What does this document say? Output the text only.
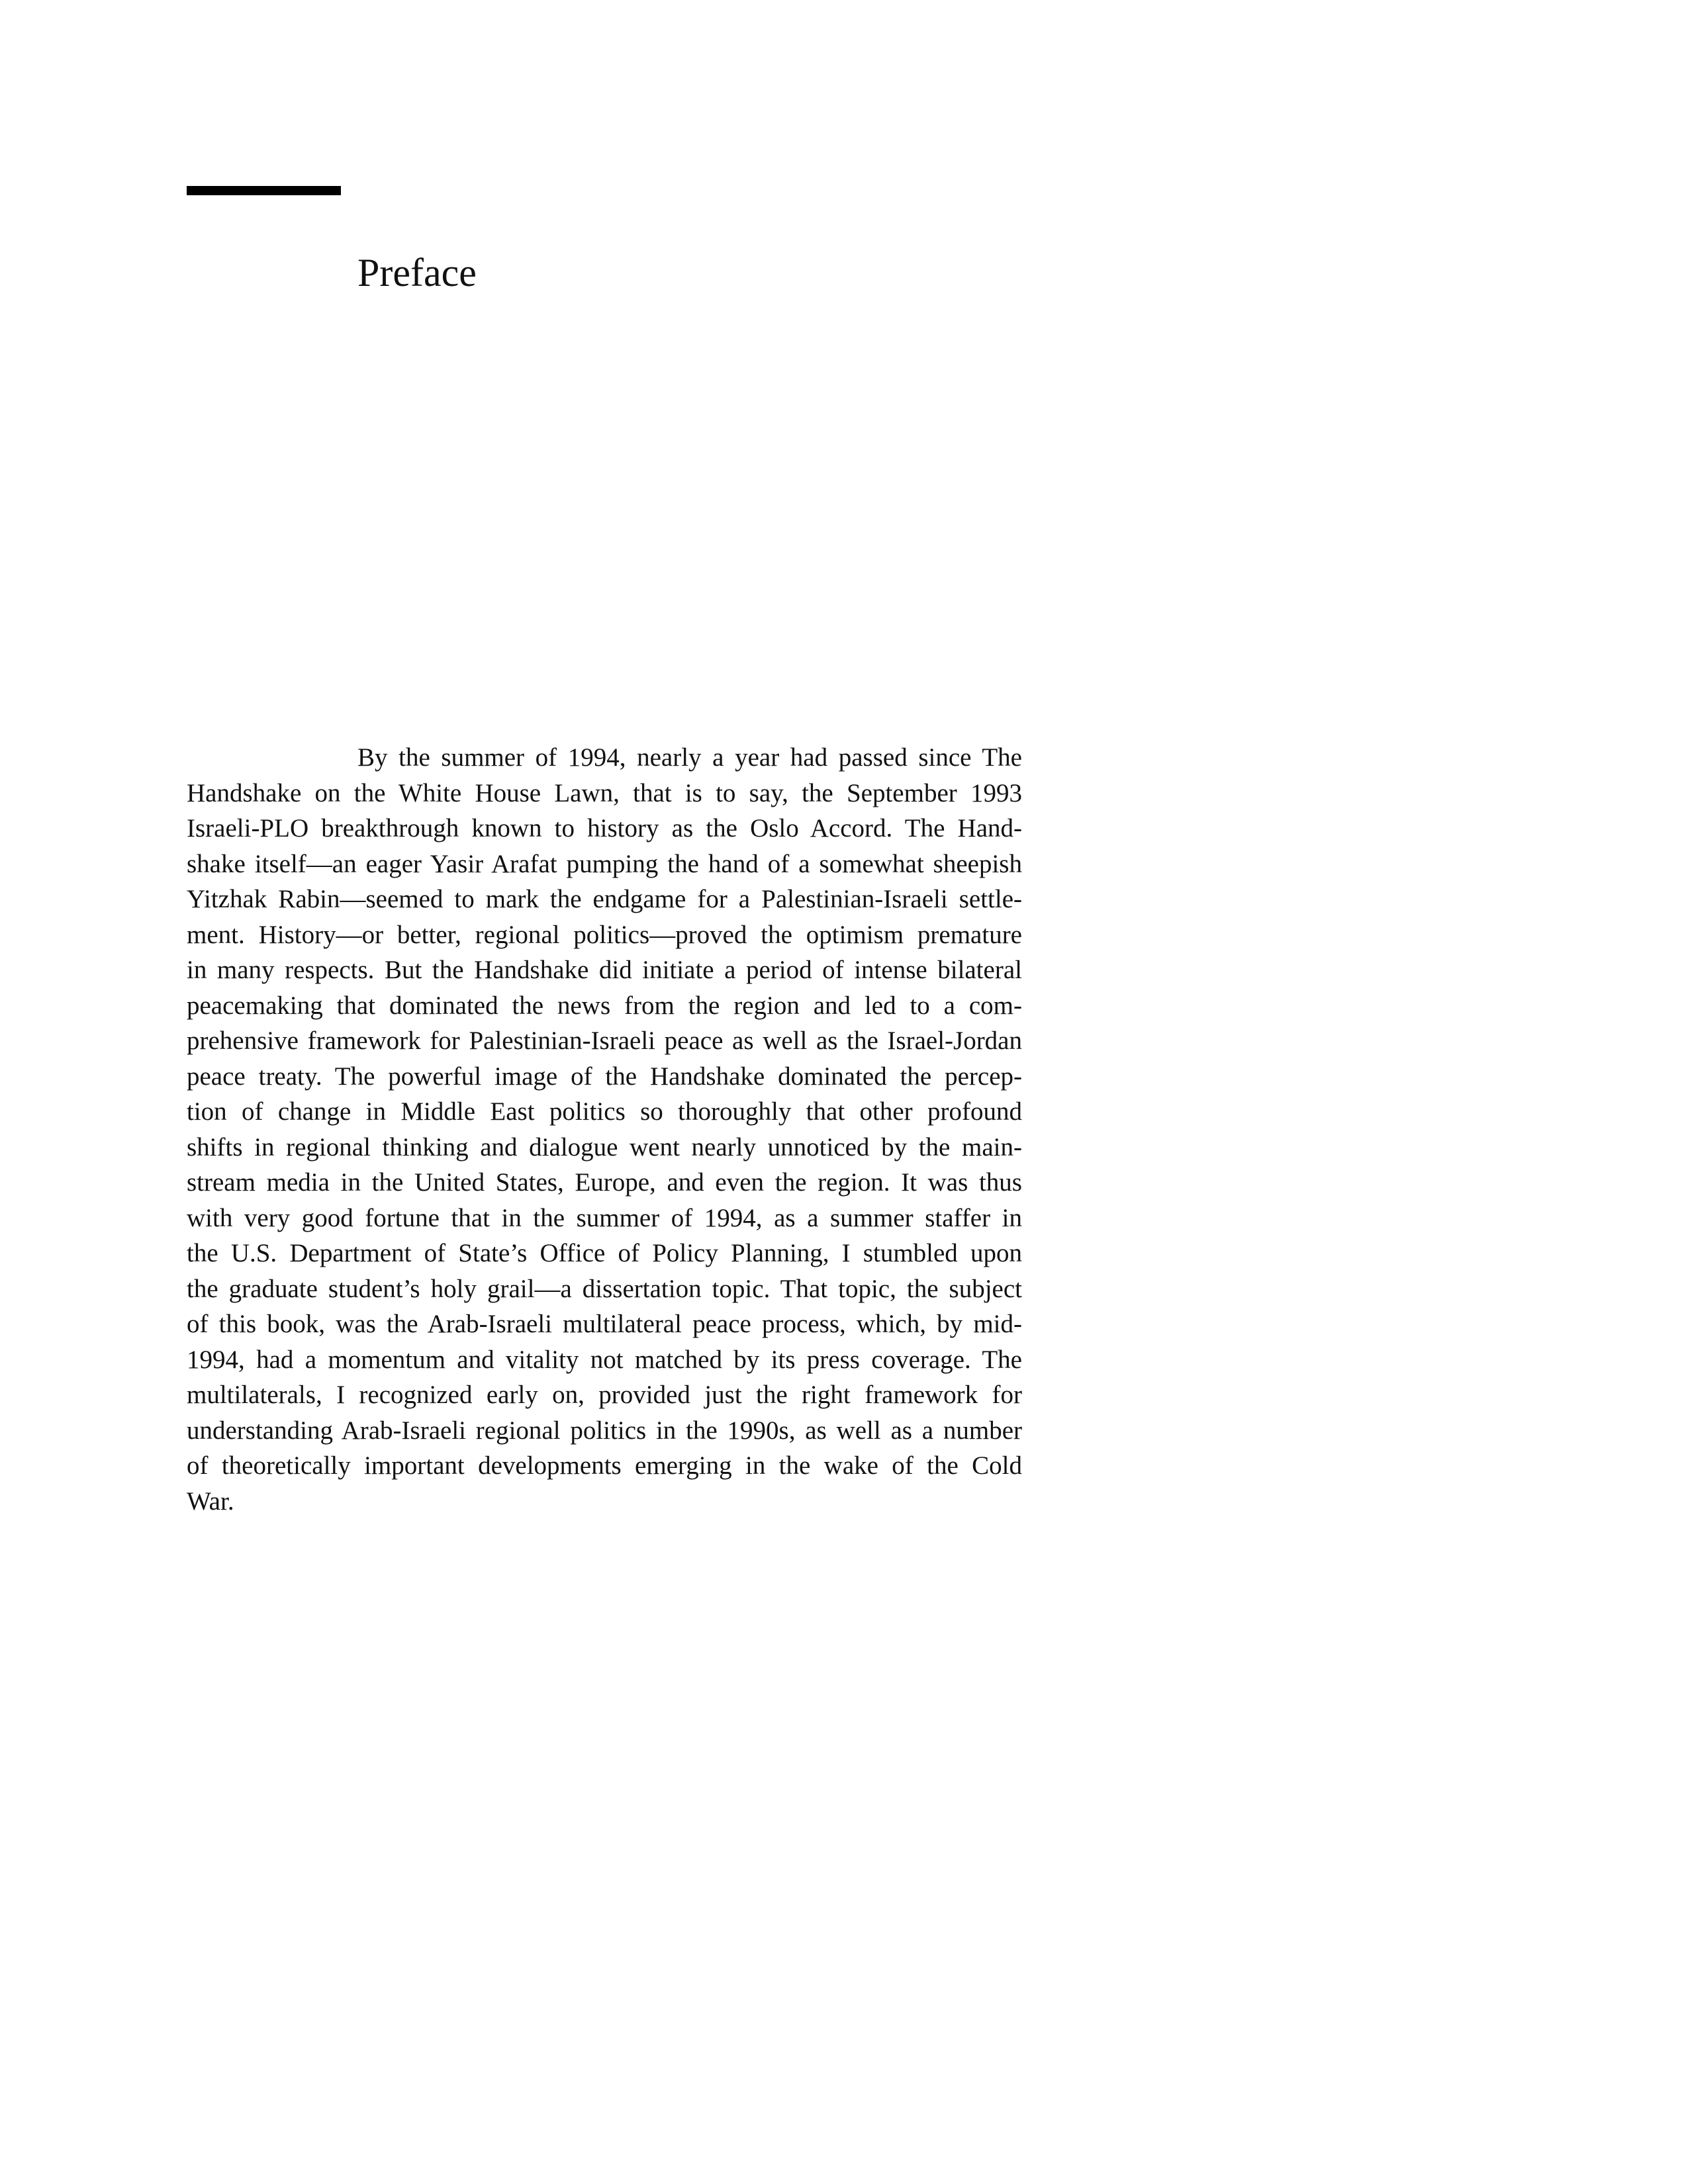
Preface
By the summer of 1994, nearly a year had passed since The
Handshake on the White House Lawn, that is to say, the September 1993
Israeli-PLO breakthrough known to history as the Oslo Accord. The Hand-
shake itself—an eager Yasir Arafat pumping the hand of a somewhat sheepish
Yitzhak Rabin—seemed to mark the endgame for a Palestinian-Israeli settle-
ment. History—or better, regional politics—proved the optimism premature
in many respects. But the Handshake did initiate a period of intense bilateral
peacemaking that dominated the news from the region and led to a com-
prehensive framework for Palestinian-Israeli peace as well as the Israel-Jordan
peace treaty. The powerful image of the Handshake dominated the percep-
tion of change in Middle East politics so thoroughly that other profound
shifts in regional thinking and dialogue went nearly unnoticed by the main-
stream media in the United States, Europe, and even the region. It was thus
with very good fortune that in the summer of 1994, as a summer staffer in
the U.S. Department of State’s Office of Policy Planning, I stumbled upon
the graduate student’s holy grail—a dissertation topic. That topic, the subject
of this book, was the Arab-Israeli multilateral peace process, which, by mid-
1994, had a momentum and vitality not matched by its press coverage. The
multilaterals, I recognized early on, provided just the right framework for
understanding Arab-Israeli regional politics in the 1990s, as well as a number
of theoretically important developments emerging in the wake of the Cold
War.
